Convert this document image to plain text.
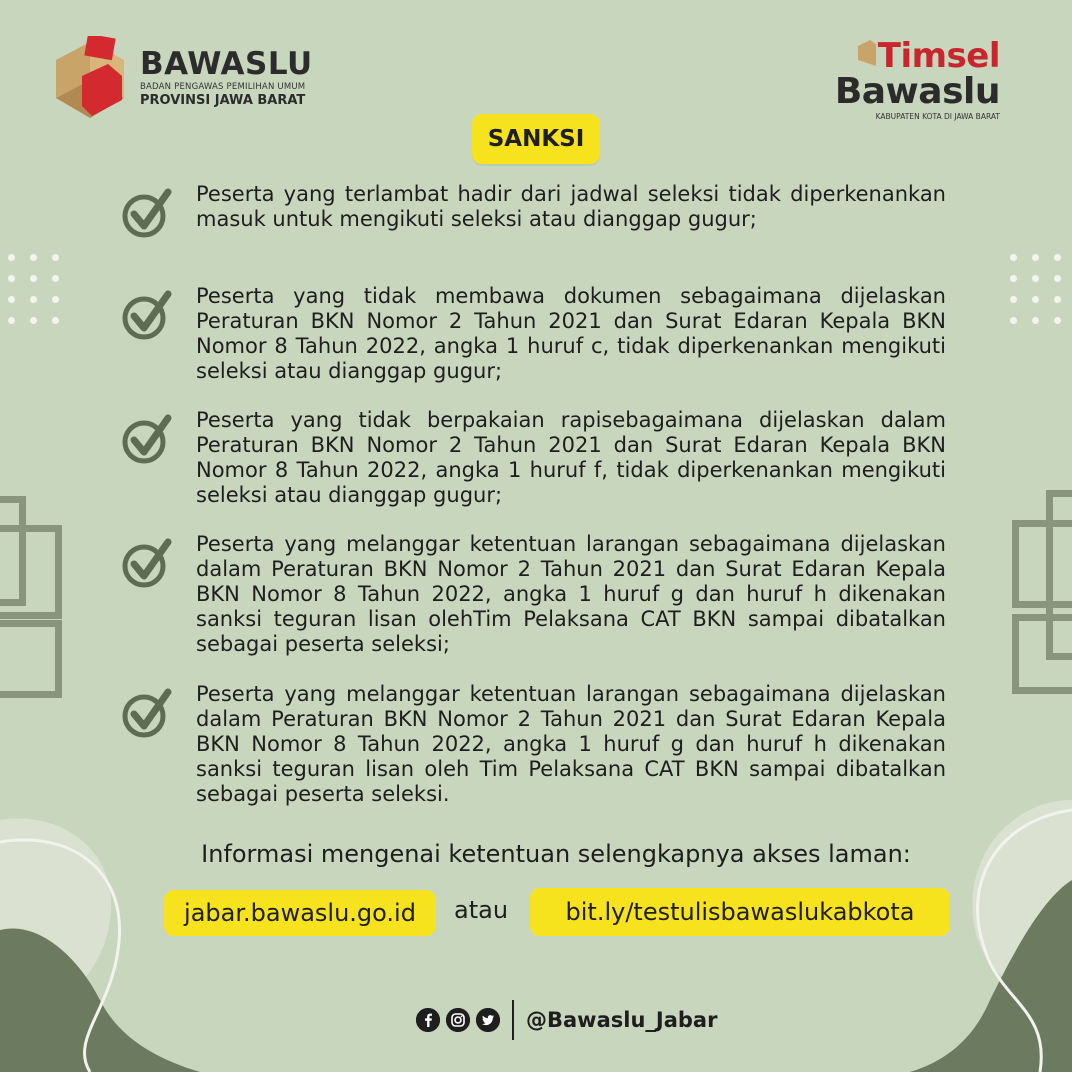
BAWASLU
BADAN PENGAWAS PEMILIHAN UMUM
PROVINSI JAWA BARAT
Timsel
Bawaslu
KABUPATEN KOTA DI JAWA BARAT
SANKSI
Peserta yang terlambat hadir dari jadwal seleksi tidak diperkenankan masuk untuk mengikuti seleksi atau dianggap gugur;
Peserta yang tidak membawa dokumen sebagaimana dijelaskan Peraturan BKN Nomor 2 Tahun 2021 dan Surat Edaran Kepala BKN Nomor 8 Tahun 2022, angka 1 huruf c, tidak diperkenankan mengikuti seleksi atau dianggap gugur;
Peserta yang tidak berpakaian rapisebagaimana dijelaskan dalam Peraturan BKN Nomor 2 Tahun 2021 dan Surat Edaran Kepala BKN Nomor 8 Tahun 2022, angka 1 huruf f, tidak diperkenankan mengikuti seleksi atau dianggap gugur;
Peserta yang melanggar ketentuan larangan sebagaimana dijelaskan dalam Peraturan BKN Nomor 2 Tahun 2021 dan Surat Edaran Kepala BKN Nomor 8 Tahun 2022, angka 1 huruf g dan huruf h dikenakan sanksi teguran lisan olehTim Pelaksana CAT BKN sampai dibatalkan sebagai peserta seleksi;
Peserta yang melanggar ketentuan larangan sebagaimana dijelaskan dalam Peraturan BKN Nomor 2 Tahun 2021 dan Surat Edaran Kepala BKN Nomor 8 Tahun 2022, angka 1 huruf g dan huruf h dikenakan sanksi teguran lisan oleh Tim Pelaksana CAT BKN sampai dibatalkan sebagai peserta seleksi.
Informasi mengenai ketentuan selengkapnya akses laman:
jabar.bawaslu.go.id	atau	bit.ly/testulisbawaslukabkota
@Bawaslu_Jabar
